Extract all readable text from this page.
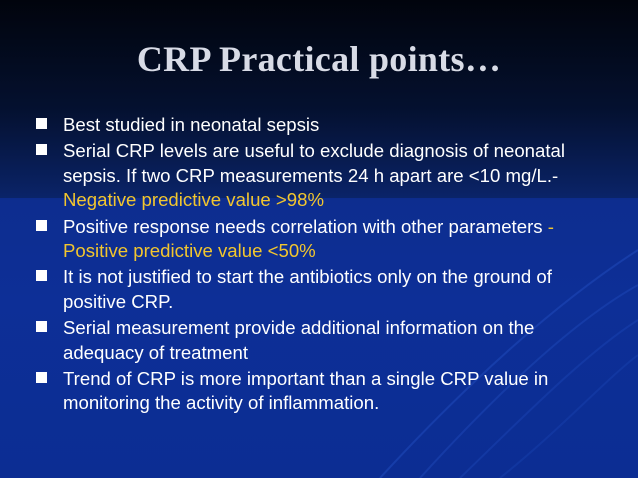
CRP Practical points…
Best studied in neonatal sepsis
Serial CRP levels are useful to exclude diagnosis of neonatal sepsis. If two CRP measurements 24 h apart are <10 mg/L.-Negative predictive value >98%
Positive response needs correlation with other parameters -Positive predictive value <50%
It is not justified to start the antibiotics only on the ground of positive CRP.
Serial measurement provide additional information on the adequacy of treatment
Trend of CRP is more important than a single CRP value in monitoring the activity of inflammation.
